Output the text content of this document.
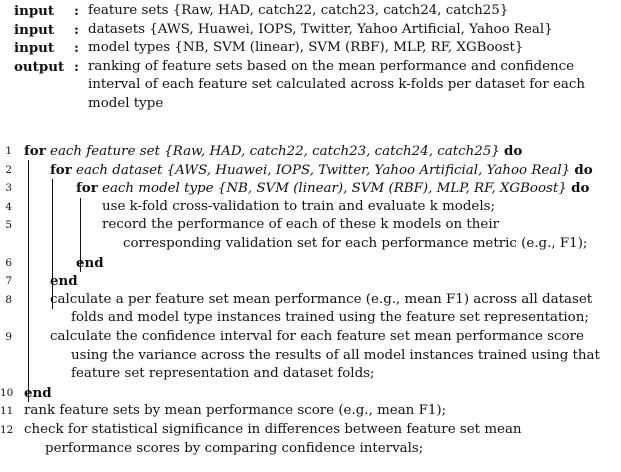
input : feature sets {Raw, HAD, catch22, catch23, catch24, catch25}
input : datasets {AWS, Huawei, IOPS, Twitter, Yahoo Artificial, Yahoo Real}
input : model types {NB, SVM (linear), SVM (RBF), MLP, RF, XGBoost}
output : ranking of feature sets based on the mean performance and confidence
interval of each feature set calculated across k-folds per dataset for each
model type
1 for each feature set {Raw, HAD, catch22, catch23, catch24, catch25} do
2	for each dataset {AWS, Huawei, IOPS, Twitter, Yahoo Artificial, Yahoo Real} do
3	for each model type {NB, SVM (linear), SVM (RBF), MLP, RF, XGBoost} do
4	use k-fold cross-validation to train and evaluate k models;
5	record the performance of each of these k models on their
corresponding validation set for each performance metric (e.g., F1);
6	end
7	end
8	calculate a per feature set mean performance (e.g., mean F1) across all dataset
folds and model type instances trained using the feature set representation;
9	calculate the confidence interval for each feature set mean performance score
using the variance across the results of all model instances trained using that
feature set representation and dataset folds;
10 end
11 rank feature sets by mean performance score (e.g., mean F1);
12 check for statistical significance in differences between feature set mean
performance scores by comparing confidence intervals;
